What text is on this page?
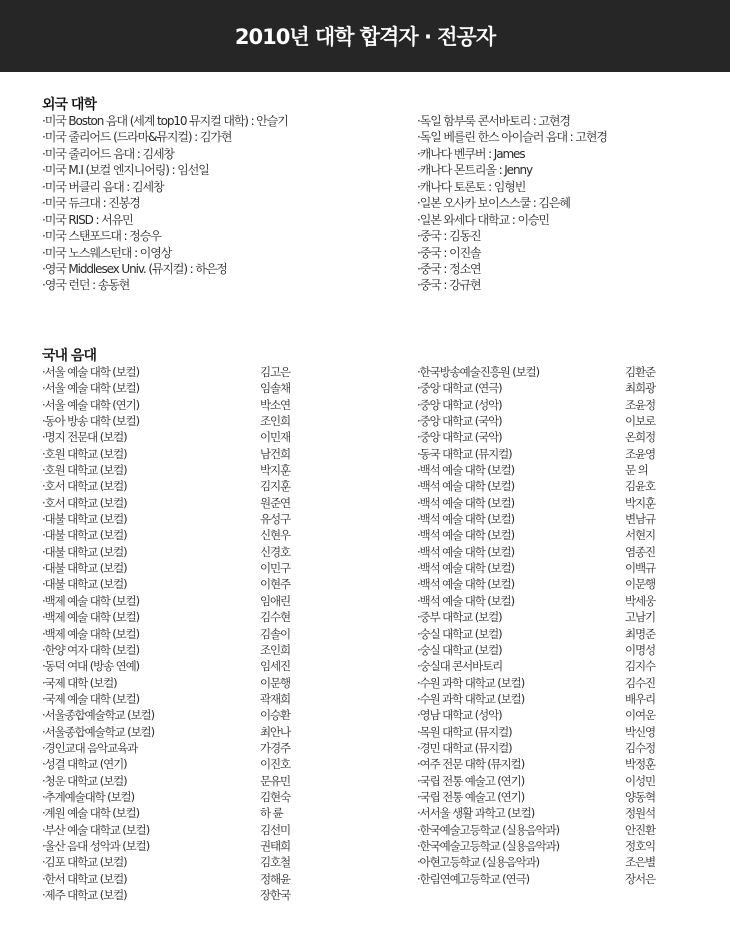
2010년 대학 합격자 · 전공자
외국 대학
·미국 Boston 음대 (세계 top10 뮤지컬 대학) : 안슬기
·미국 줄리어드 (드라마&뮤지컬) : 김가현
·미국 줄리어드 음대 : 김세창
·미국 M.I (보컬 엔지니어링) : 임선일
·미국 버클리 음대 : 김세창
·미국 듀크대 : 진봉경
·미국 RISD : 서유민
·미국 스탠포드대 : 정승우
·미국 노스웨스턴대 : 이영상
·영국 Middlesex Univ. (뮤지컬) : 하은정
·영국 런던 : 송동현
·독일 함부룩 콘서바토리 : 고현경
·독일 베를린 한스 아이슬러 음대 : 고현경
·캐나다 벤쿠버 : James
·캐나다 몬트리올 : Jenny
·캐나다 토론토 : 임형빈
·일본 오사카 보이스스쿨 : 김은혜
·일본 와세다 대학교 : 이승민
·중국 : 김동진
·중국 : 이진솔
·중국 : 정소연
·중국 : 강규현
국내 음대
·서울 예술 대학 (보컬)	김고은
·서울 예술 대학 (보컬)	임솔채
·서울 예술 대학 (연기)	박소연
·동아 방송 대학 (보컬)	조인희
·명지 전문대 (보컬)	이민재
·호원 대학교 (보컬)	남건희
·호원 대학교 (보컬)	박지훈
·호서 대학교 (보컬)	김지훈
·호서 대학교 (보컬)	원준연
·대불 대학교 (보컬)	유성구
·대불 대학교 (보컬)	신현우
·대불 대학교 (보컬)	신경호
·대불 대학교 (보컬)	이민구
·대불 대학교 (보컬)	이현주
·백제 예술 대학 (보컬)	임애린
·백제 예술 대학 (보컬)	김수현
·백제 예술 대학 (보컬)	김솔이
·한양 여자 대학 (보컬)	조인희
·동덕 여대 (방송 연예)	임세진
·국제 대학 (보컬)	이문행
·국제 예술 대학 (보컬)	곽재희
·서울종합예술학교 (보컬)	이승환
·서울종합예술학교 (보컬)	최안나
·경인교대 음악교육과	가경주
·성결 대학교 (연기)	이진호
·청운 대학교 (보컬)	문유민
·추계예술대학 (보컬)	김현숙
·계원 예술 대학 (보컬)	하 륜
·부산 예술 대학교 (보컬)	김선미
·울산 음대 성악과 (보컬)	권태희
·김포 대학교 (보컬)	김호철
·한서 대학교 (보컬)	정해윤
·제주 대학교 (보컬)	장한국
·한국방송예술진흥원 (보컬)	김환준
·중앙 대학교 (연극)	최희광
·중앙 대학교 (성악)	조윤정
·중앙 대학교 (국악)	이보로
·중앙 대학교 (국악)	온희정
·동국 대학교 (뮤지컬)	조윤영
·백석 예술 대학 (보컬)	문 의
·백석 예술 대학 (보컬)	김윤호
·백석 예술 대학 (보컬)	박지훈
·백석 예술 대학 (보컬)	변남규
·백석 예술 대학 (보컬)	서현지
·백석 예술 대학 (보컬)	염종진
·백석 예술 대학 (보컬)	이백규
·백석 예술 대학 (보컬)	이문행
·백석 예술 대학 (보컬)	박세웅
·중부 대학교 (보컬)	고남기
·숭실 대학교 (보컬)	최명준
·숭실 대학교 (보컬)	이명성
·숭실대 콘서바토리	김지수
·수원 과학 대학교 (보컬)	김수진
·수원 과학 대학교 (보컬)	배우리
·영남 대학교 (성악)	이여운
·목원 대학교 (뮤지컬)	박신영
·경민 대학교 (뮤지컬)	김수정
·여주 전문 대학 (뮤지컬)	박정훈
·국립 전통 예술고 (연기)	이성민
·국립 전통 예술고 (연기)	양동혁
·서서울 생활 과학고 (보컬)	정원석
·한국예술고등학교 (실용음악과)	안진환
·한국예술고등학교 (실용음악과)	정호익
·아현고등학교 (실용음악과)	조은별
·한림연예고등학교 (연극)	장서은
